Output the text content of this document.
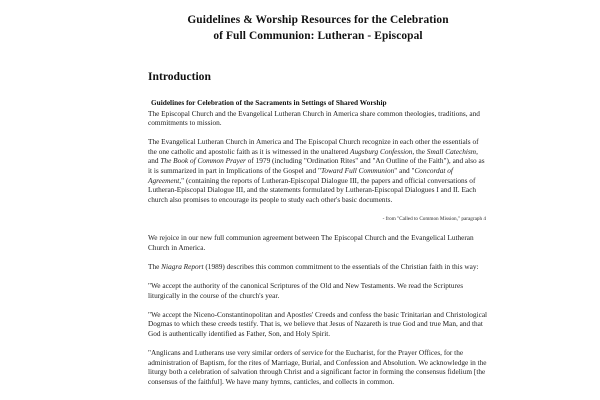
Guidelines & Worship Resources for the Celebration
of Full Communion: Lutheran - Episcopal
Introduction
Guidelines for Celebration of the Sacraments in Settings of Shared Worship

The Episcopal Church and the Evangelical Lutheran Church in America share common theologies, traditions, and commitments to mission.

The Evangelical Lutheran Church in America and The Episcopal Church recognize in each other the essentials of the one catholic and apostolic faith as it is witnessed in the unaltered Augsburg Confession, the Small Catechism, and The Book of Common Prayer of 1979 (including "Ordination Rites" and "An Outline of the Faith"), and also as it is summarized in part in Implications of the Gospel and "Toward Full Communion" and "Concordat of Agreement," (containing the reports of Lutheran-Episcopal Dialogue III, the papers and official conversations of Lutheran-Episcopal Dialogue III, and the statements formulated by Lutheran-Episcopal Dialogues I and II. Each church also promises to encourage its people to study each other's basic documents.

- from "Called to Common Mission," paragraph 4

We rejoice in our new full communion agreement between The Episcopal Church and the Evangelical Lutheran Church in America.

The Niagra Report (1989) describes this common commitment to the essentials of the Christian faith in this way:

"We accept the authority of the canonical Scriptures of the Old and New Testaments. We read the Scriptures liturgically in the course of the church's year.

"We accept the Niceno-Constantinopolitan and Apostles' Creeds and confess the basic Trinitarian and Christological Dogmas to which these creeds testify. That is, we believe that Jesus of Nazareth is true God and true Man, and that God is authentically identified as Father, Son, and Holy Spirit.

"Anglicans and Lutherans use very similar orders of service for the Eucharist, for the Prayer Offices, for the administration of Baptism, for the rites of Marriage, Burial, and Confession and Absolution. We acknowledge in the liturgy both a celebration of salvation through Christ and a significant factor in forming the consensus fidelium [the consensus of the faithful]. We have many hymns, canticles, and collects in common.
